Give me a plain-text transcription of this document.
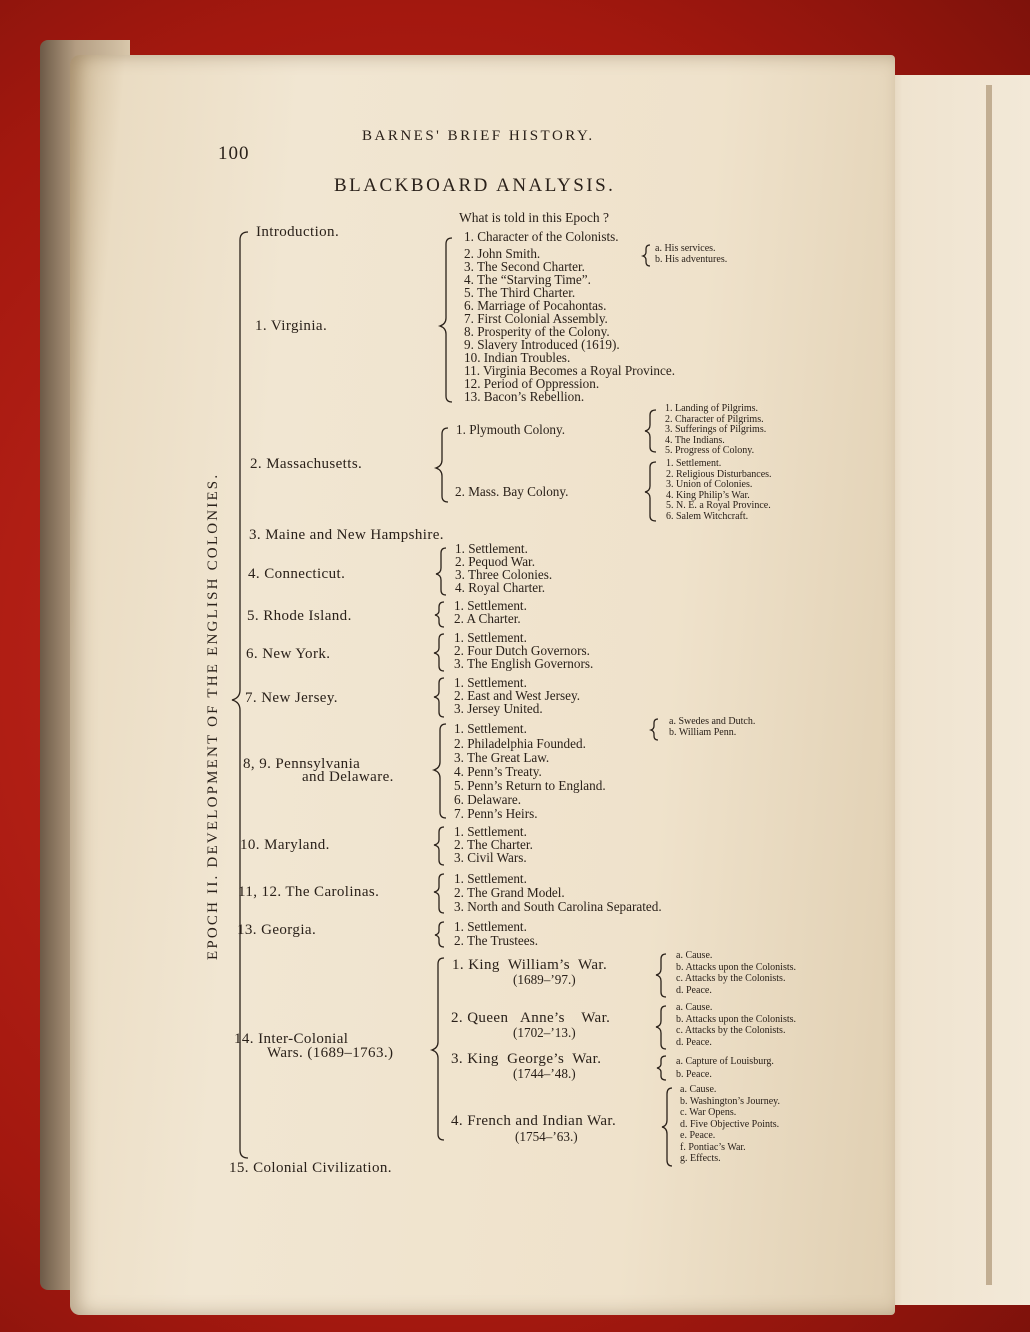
100
BARNES' BRIEF HISTORY.
BLACKBOARD ANALYSIS.
What is told in this Epoch ?
EPOCH II. DEVELOPMENT OF THE ENGLISH COLONIES.
Introduction.
1. Virginia.
1. Character of the Colonists.
2. John Smith.
3. The Second Charter.
4. The “Starving Time”.
5. The Third Charter.
6. Marriage of Pocahontas.
7. First Colonial Assembly.
8. Prosperity of the Colony.
9. Slavery Introduced (1619).
10. Indian Troubles.
11. Virginia Becomes a Royal Province.
12. Period of Oppression.
13. Bacon’s Rebellion.
a. His services.
b. His adventures.
2. Massachusetts.
1. Plymouth Colony.
1. Landing of Pilgrims.
2. Character of Pilgrims.
3. Sufferings of Pilgrims.
4. The Indians.
5. Progress of Colony.
2. Mass. Bay Colony.
1. Settlement.
2. Religious Disturbances.
3. Union of Colonies.
4. King Philip’s War.
5. N. E. a Royal Province.
6. Salem Witchcraft.
3. Maine and New Hampshire.
4. Connecticut.
1. Settlement.
2. Pequod War.
3. Three Colonies.
4. Royal Charter.
5. Rhode Island.
1. Settlement.
2. A Charter.
6. New York.
1. Settlement.
2. Four Dutch Governors.
3. The English Governors.
7. New Jersey.
1. Settlement.
2. East and West Jersey.
3. Jersey United.
8, 9. Pennsylvania
and Delaware.
1. Settlement.
2. Philadelphia Founded.
3. The Great Law.
4. Penn’s Treaty.
5. Penn’s Return to England.
6. Delaware.
7. Penn’s Heirs.
a. Swedes and Dutch.
b. William Penn.
10. Maryland.
1. Settlement.
2. The Charter.
3. Civil Wars.
11, 12. The Carolinas.
1. Settlement.
2. The Grand Model.
3. North and South Carolina Separated.
13. Georgia.	1. Settlement.
2. The Trustees.
14. Inter-Colonial
Wars. (1689–1763.)
1. King  William’s  War.
(1689–’97.)
a. Cause.
b. Attacks upon the Colonists.
c. Attacks by the Colonists.
d. Peace.
2. Queen   Anne’s    War.
(1702–’13.)
a. Cause.
b. Attacks upon the Colonists.
c. Attacks by the Colonists.
d. Peace.
3. King  George’s  War.
(1744–’48.)
a. Capture of Louisburg.
b. Peace.
4. French and Indian War.
(1754–’63.)
a. Cause.
b. Washington’s Journey.
c. War Opens.
d. Five Objective Points.
e. Peace.
f. Pontiac’s War.
g. Effects.
15. Colonial Civilization.
